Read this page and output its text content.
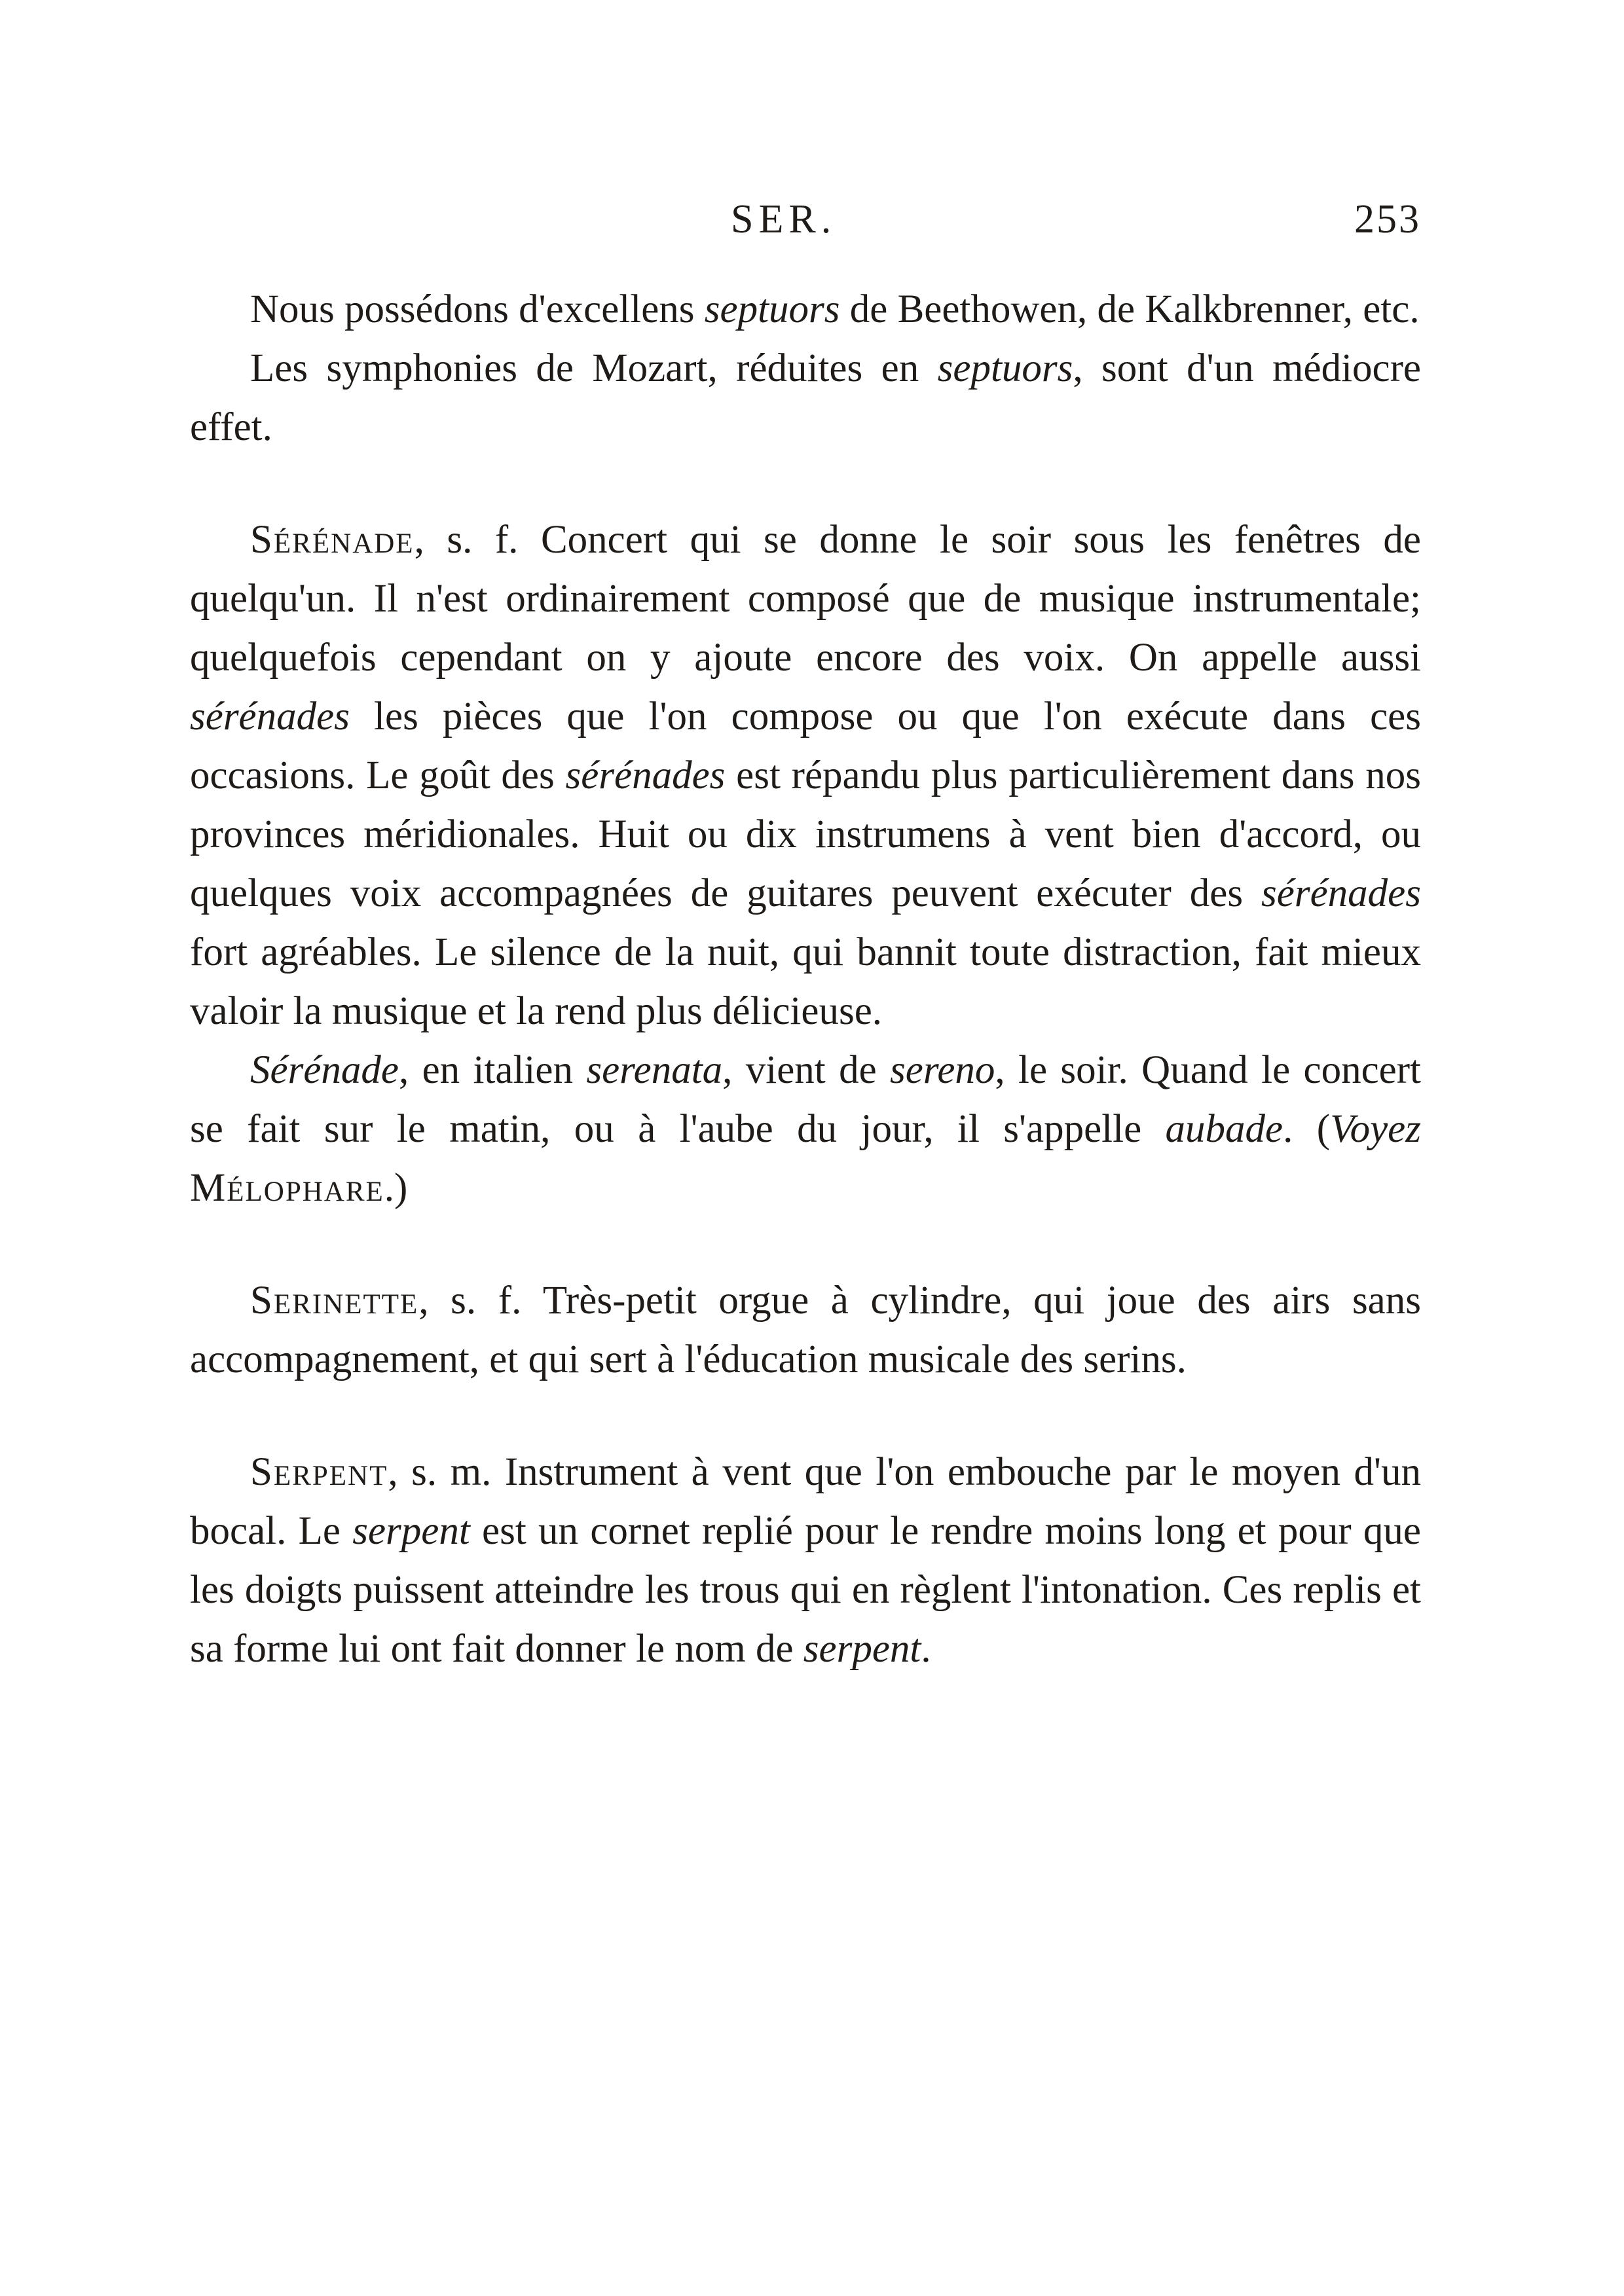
SER.	253

Nous possédons d'excellens septuors de Beethowen, de Kalkbrenner, etc.

Les symphonies de Mozart, réduites en septuors, sont d'un médiocre effet.

Sérénade, s. f. Concert qui se donne le soir sous les fenêtres de quelqu'un. Il n'est ordinairement composé que de musique instrumentale; quelquefois cependant on y ajoute encore des voix. On appelle aussi sérénades les pièces que l'on compose ou que l'on exécute dans ces occasions. Le goût des sérénades est répandu plus particulièrement dans nos provinces méridionales. Huit ou dix instrumens à vent bien d'accord, ou quelques voix accompagnées de guitares peuvent exécuter des sérénades fort agréables. Le silence de la nuit, qui bannit toute distraction, fait mieux valoir la musique et la rend plus délicieuse.

Sérénade, en italien serenata, vient de sereno, le soir. Quand le concert se fait sur le matin, ou à l'aube du jour, il s'appelle aubade. (Voyez Mélophare.)

Serinette, s. f. Très-petit orgue à cylindre, qui joue des airs sans accompagnement, et qui sert à l'éducation musicale des serins.

Serpent, s. m. Instrument à vent que l'on embouche par le moyen d'un bocal. Le serpent est un cornet replié pour le rendre moins long et pour que les doigts puissent atteindre les trous qui en règlent l'intonation. Ces replis et sa forme lui ont fait donner le nom de serpent.
